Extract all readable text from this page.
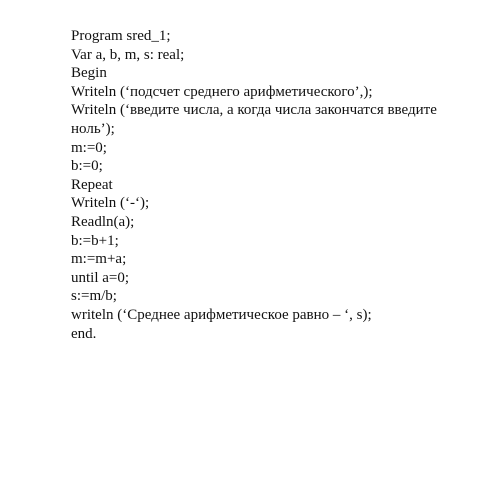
Program sred_1;

Var a, b, m, s: real;

Begin

Writeln (‘подсчет среднего арифметического’,);

Writeln (‘введите числа, а когда числа закончатся введите

ноль’);

m:=0;

b:=0;

Repeat

Writeln (‘-‘);

Readln(a);

b:=b+1;

m:=m+a;

until a=0;

s:=m/b;

writeln (‘Среднее арифметическое равно – ‘, s);

end.
